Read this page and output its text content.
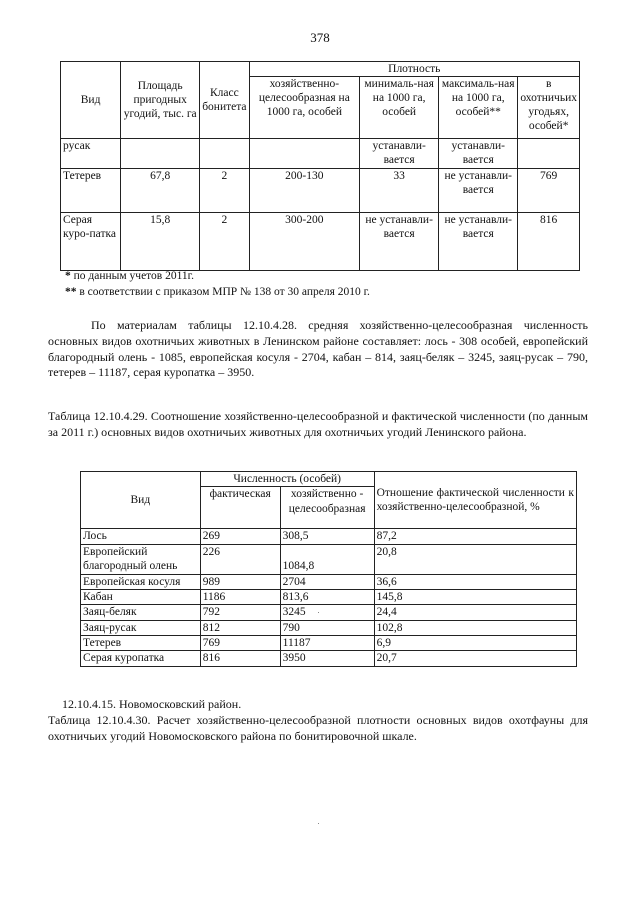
378
Вид	Площадь пригодных угодий, тыс. га	Класс бонитета	Плотность			
			хозяйственно-целесообразная на 1000 га, особей	минималь-ная на 1000 га, особей	максималь-ная на 1000 га, особей**	в охотничьих угодьях, особей*
русак				устанавли-вается	устанавли-вается	
Тетерев	67,8	2	200-130	33	не устанавли-вается	769
Серая куро-патка	15,8	2	300-200	не устанавли-вается	не устанавли-вается	816
* по данным учетов 2011г.
** в соответствии с приказом МПР № 138 от 30 апреля 2010 г.
По материалам таблицы 12.10.4.28. средняя хозяйственно-целесообразная численность основных видов охотничьих животных в Ленинском районе составляет: лось - 308 особей, европейский благородный олень - 1085, европейская косуля - 2704, кабан – 814, заяц-беляк – 3245, заяц-русак – 790, тетерев – 11187, серая куропатка – 3950.
Таблица 12.10.4.29. Соотношение хозяйственно-целесообразной и фактической численности (по данным за 2011 г.) основных видов охотничьих животных для охотничьих угодий Ленинского района.
Вид	Численность (особей)		Отношение фактической численности к хозяйственно-целесообразной, %
	фактическая	хозяйственно - целесообразная	
Лось	269	308,5	87,2
Европейский благородный олень	226	1084,8	20,8
Европейская косуля	989	2704	36,6
Кабан	1186	813,6	145,8
Заяц-беляк	792	3245	24,4
Заяц-русак	812	790	102,8
Тетерев	769	11187	6,9
Серая куропатка	816	3950	20,7
12.10.4.15. Новомосковский район.
Таблица 12.10.4.30. Расчет хозяйственно-целесообразной плотности основных видов охотфауны для охотничьих угодий Новомосковского района по бонитировочной шкале.
